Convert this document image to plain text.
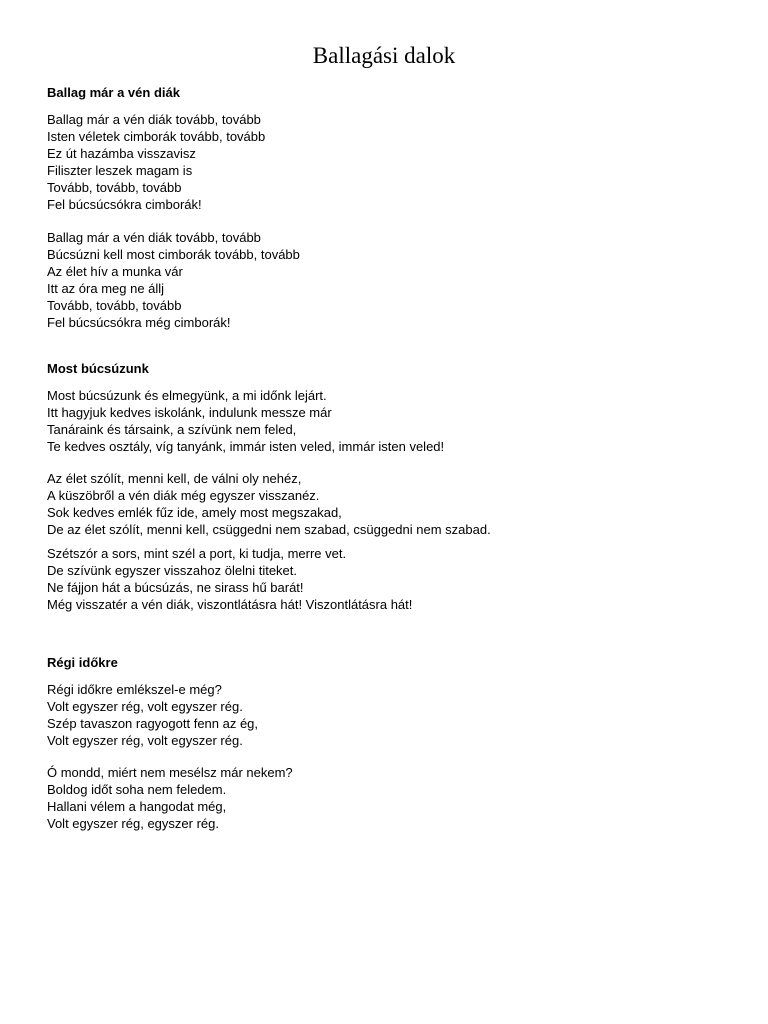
Ballagási dalok
Ballag már a vén diák

Ballag már a vén diák tovább, tovább
Isten véletek cimborák tovább, tovább
Ez út hazámba visszavisz
Filiszter leszek magam is
Tovább, tovább, tovább
Fel búcsúcsókra cimborák!

Ballag már a vén diák tovább, tovább
Búcsúzni kell most cimborák tovább, tovább
Az élet hív a munka vár
Itt az óra meg ne állj
Tovább, tovább, tovább
Fel búcsúcsókra még cimborák!

Most búcsúzunk

Most búcsúzunk és elmegyünk, a mi időnk lejárt.
Itt hagyjuk kedves iskolánk, indulunk messze már
Tanáraink és társaink, a szívünk nem feled,
Te kedves osztály, víg tanyánk, immár isten veled, immár isten veled!

Az élet szólít, menni kell, de válni oly nehéz,
A küszöbről a vén diák még egyszer visszanéz.
Sok kedves emlék fűz ide, amely most megszakad,
De az élet szólít, menni kell, csüggedni nem szabad, csüggedni nem szabad.

Szétszór a sors, mint szél a port, ki tudja, merre vet.
De szívünk egyszer visszahoz ölelni titeket.
Ne fájjon hát a búcsúzás, ne sirass hű barát!
Még visszatér a vén diák, viszontlátásra hát! Viszontlátásra hát!

Régi időkre

Régi időkre emlékszel-e még?
Volt egyszer rég, volt egyszer rég.
Szép tavaszon ragyogott fenn az ég,
Volt egyszer rég, volt egyszer rég.

Ó mondd, miért nem mesélsz már nekem?
Boldog időt soha nem feledem.
Hallani vélem a hangodat még,
Volt egyszer rég, egyszer rég.
